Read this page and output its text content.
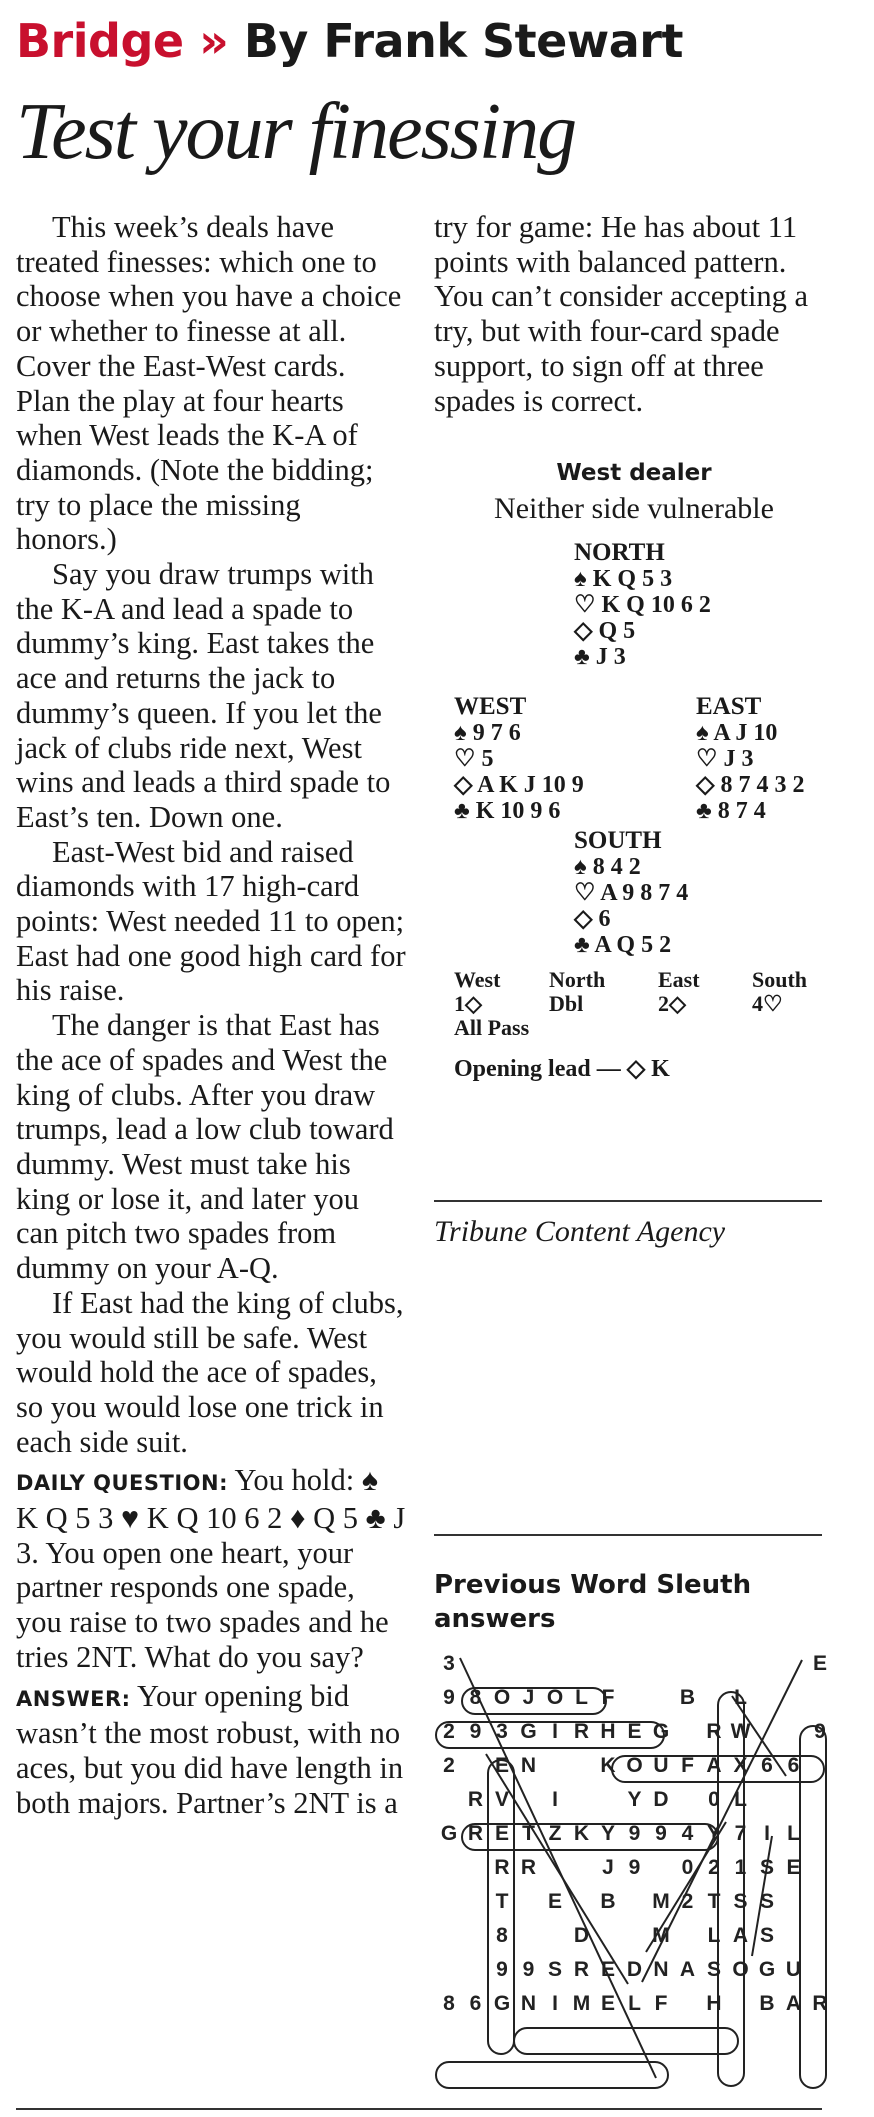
Bridge » By Frank Stewart
Test your finessing

This week’s deals have treated finesses: which one to choose when you have a choice or whether to finesse at all. Cover the East-West cards. Plan the play at four hearts when West leads the K-A of diamonds. (Note the bidding; try to place the missing honors.)

Say you draw trumps with the K-A and lead a spade to dummy’s king. East takes the ace and returns the jack to dummy’s queen. If you let the jack of clubs ride next, West wins and leads a third spade to East’s ten. Down one.

East-West bid and raised diamonds with 17 high-card points: West needed 11 to open; East had one good high card for his raise.

The danger is that East has the ace of spades and West the king of clubs. After you draw trumps, lead a low club toward dummy. West must take his king or lose it, and later you can pitch two spades from dummy on your A-Q.

If East had the king of clubs, you would still be safe. West would hold the ace of spades, so you would lose one trick in each side suit.

DAILY QUESTION: You hold: ♠ K Q 5 3 ♥ K Q 10 6 2 ♦ Q 5 ♣ J 3. You open one heart, your partner responds one spade, you raise to two spades and he tries 2NT. What do you say?

ANSWER: Your opening bid wasn’t the most robust, with no aces, but you did have length in both majors. Partner’s 2NT is a

try for game: He has about 11 points with balanced pattern. You can’t consider accepting a try, but with four-card spade support, to sign off at three spades is correct.

West dealer
Neither side vulnerable
NORTH
♠ K Q 5 3
♡ K Q 10 6 2
◇ Q 5
♣ J 3
WEST
♠ 9 7 6
♡ 5
◇ A K J 10 9
♣ K 10 9 6
EAST
♠ A J 10
♡ J 3
◇ 8 7 4 3 2
♣ 8 7 4
SOUTH
♠ 8 4 2
♡ A 9 8 7 4
◇ 6
♣ A Q 5 2
West	North	East	South
1◇	Dbl	2◇	4♡
All Pass
Opening lead — ◇ K
Tribune Content Agency
Previous Word Sleuth answers
3	E
9 8 O J O L F	B L
2 9 3 G I R H E G R W	9
2 E N	K O U F A X 6 6
R V I	Y D 0 L
G R E T Z K Y 9 9 4 Y 7 I L
R R	J 9 0 2 1 S E
T E B M 2 T S S
8	D	M L A S
9 9 S R E D N A S O G U
8 6 G N I M E L F H B A R
